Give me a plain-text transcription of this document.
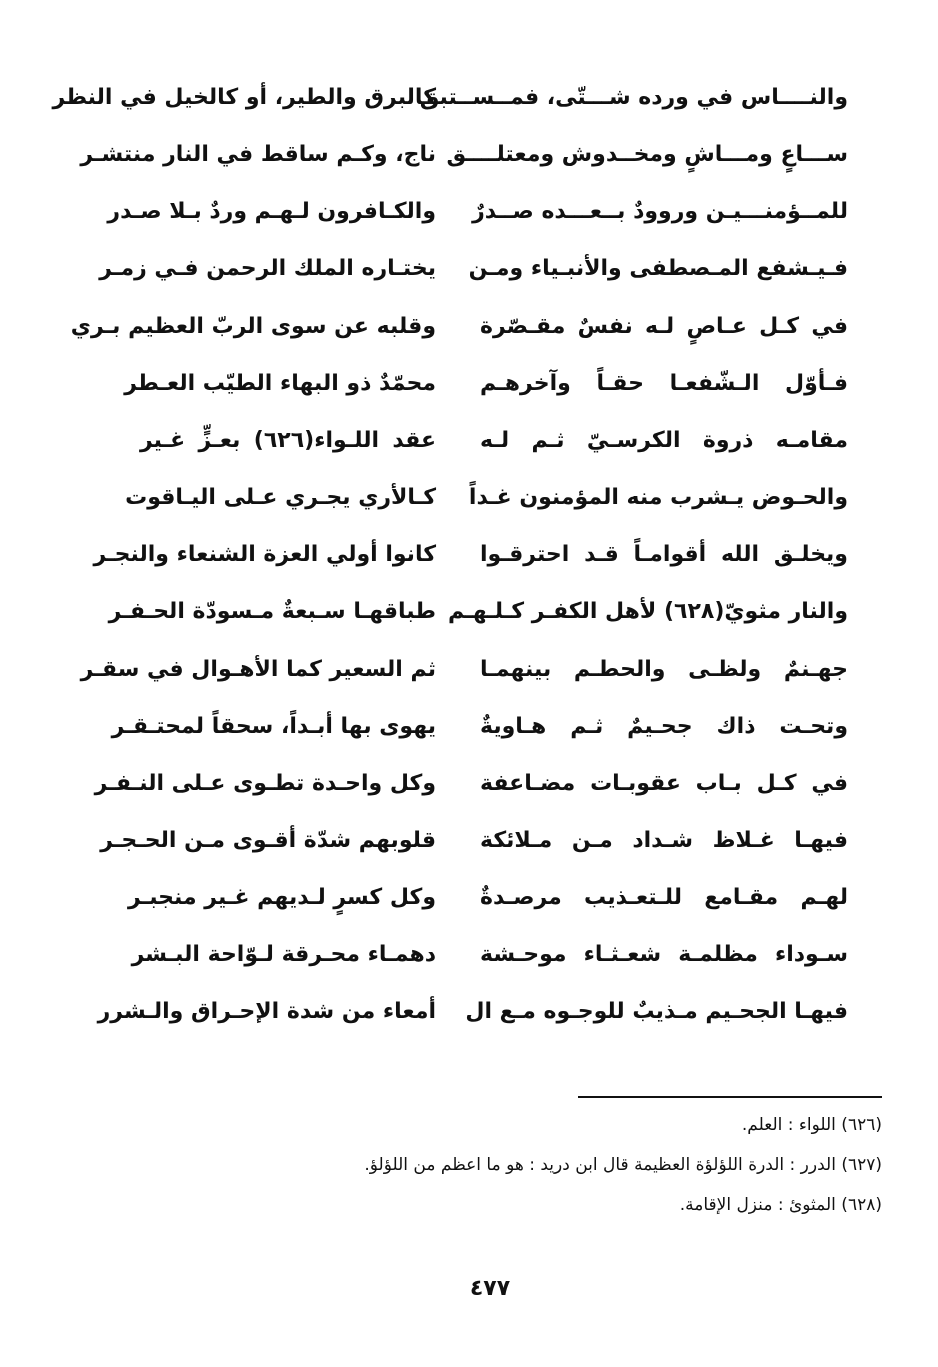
والنــــاس في ورده شـــتّى، فمــســتبق
كالبرق والطير، أو كالخيل في النظر
ســـاعٍ ومـــاشٍ ومخــدوش ومعتلــــق
ناج، وكـم ساقط في النار منتشـر
للمــؤمنـــيـن وروودٌ بــعـــده صــدرٌ
والكـافرون لـهـم وردٌ بـلا صـدر
فـيـشفع المـصطفى والأنبـياء ومـن
يختـاره الملك الرحمن فـي زمـر
في كـل عـاصٍ لـه نفسٌ مقـصّرة
وقلبه عن سوى الربّ العظيم بـري
فـأوّل الـشّفعـا حقـاً وآخرهـم
محمّدٌ ذو البهاء الطيّب العـطر
مقامـه ذروة الكرسـيّ ثـم لـه
عقد اللـواء(٦٢٦) بعـزٍّ غـير
والحـوض يـشرب منه المؤمنون غـداً
كـالأري يجـري عـلى اليـاقوت
ويخلـق الله أقوامـاً قـد احترقـوا
كانوا أولي العزة الشنعاء والنجـر
والنار مثويّ(٦٢٨) لأهل الكفـر كـلـهـم
طباقهـا سـبعةٌ مـسودّة الحـفـر
جهـنمٌ ولظـى والحطـم بينهمـا
ثم السعير كما الأهـوال في سقـر
وتحـت ذاك جحـيمٌ ثـم هـاويةٌ
يهوى بها أبـداً، سحقاً لمحتـقـر
في كـل بـاب عقوبـات مضـاعفة
وكل واحـدة تطـوى عـلى النـفـر
فيهـا غـلاظ شـداد مـن مـلائكة
قلوبهم شدّة أقـوى مـن الحـجـر
لهـم مقـامع للـتعـذيب مرصـدةٌ
وكل كسرٍ لـديهم غـير منجبـر
سـوداء مظلمـة شعـثـاء موحـشة
دهمـاء محـرقة لـوّاحة البـشر
فيهـا الجحـيم مـذيبٌ للوجـوه مـع ال
أمعاء من شدة الإحـراق والـشرر
(٦٢٦) اللواء : العلم.
(٦٢٧) الدرر : الدرة اللؤلؤة العظيمة قال ابن دريد : هو ما اعظم من اللؤلؤ.
(٦٢٨) المثوئ : منزل الإقامة.
٤٧٧
